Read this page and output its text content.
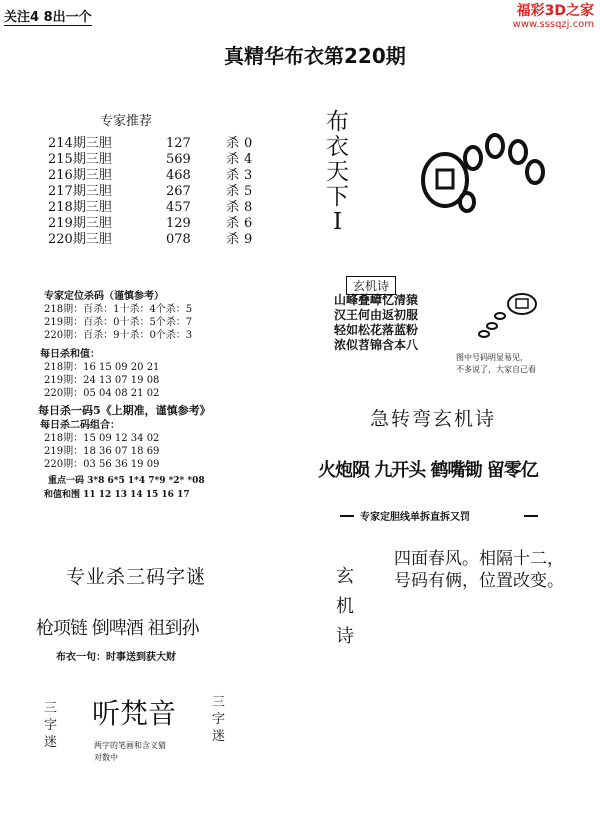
关注4 8出一个	福彩3D之家
www.sssqzj.com
真精华布衣第220期
专家推荐
214期三胆	127	杀 0
215期三胆	569	杀 4
216期三胆	468	杀 3
217期三胆	267	杀 5
218期三胆	457	杀 8
219期三胆	129	杀 6
220期三胆	078	杀 9
专家定位杀码（谨慎参考）
218期：百杀：1十杀：4个杀：5
219期：百杀：0十杀：5个杀：7
220期：百杀：9十杀：0个杀：3
每日杀和值：
218期：16 15 09 20 21
219期：24 13 07 19 08
220期：05 04 08 21 02
每日杀一码5《上期准，谨慎参考》
每日杀二码组合：
218期：15 09 12 34 02
219期：18 36 07 18 69
220期：03 56 36 19 09
重点一码 3*8 6*5 1*4 7*9 *2* *08
和值和围 11 12 13 14 15 16 17
布
衣
天
下
I
玄机诗
山峰叠嶂忆清猿
汉王何由返初服
轻如松花落蓝粉
浓似苕锦含本八
图中号码明显易见，
不多说了，大家自己看
急转弯玄机诗
火炮陨 九开头 鹤嘴锄 留零亿
专家定胆线单拆直拆又罚
玄
机
诗
四面春风。相隔十二，
号码有俩，位置改变。
专业杀三码字谜
枪项链 倒啤酒 祖到孙
布衣一句：时事送到获大财
三
字
迷
听梵音	三
字
迷
两字的笔画和含义猜
对数中
